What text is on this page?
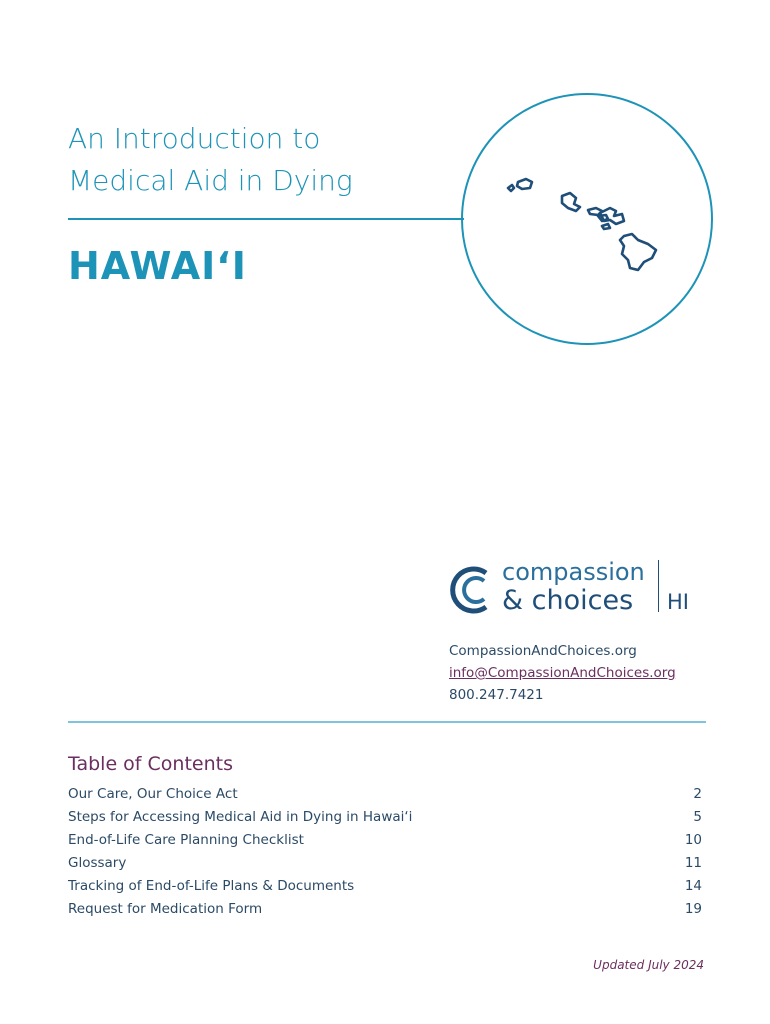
An Introduction to
Medical Aid in Dying
HAWAI‘I
compassion
& choices HI
CompassionAndChoices.org
info@CompassionAndChoices.org
800.247.7421
Table of Contents
Our Care, Our Choice Act	2
Steps for Accessing Medical Aid in Dying in Hawai‘i	5
End-of-Life Care Planning Checklist	10
Glossary	11
Tracking of End-of-Life Plans & Documents	14
Request for Medication Form	19
Updated July 2024
